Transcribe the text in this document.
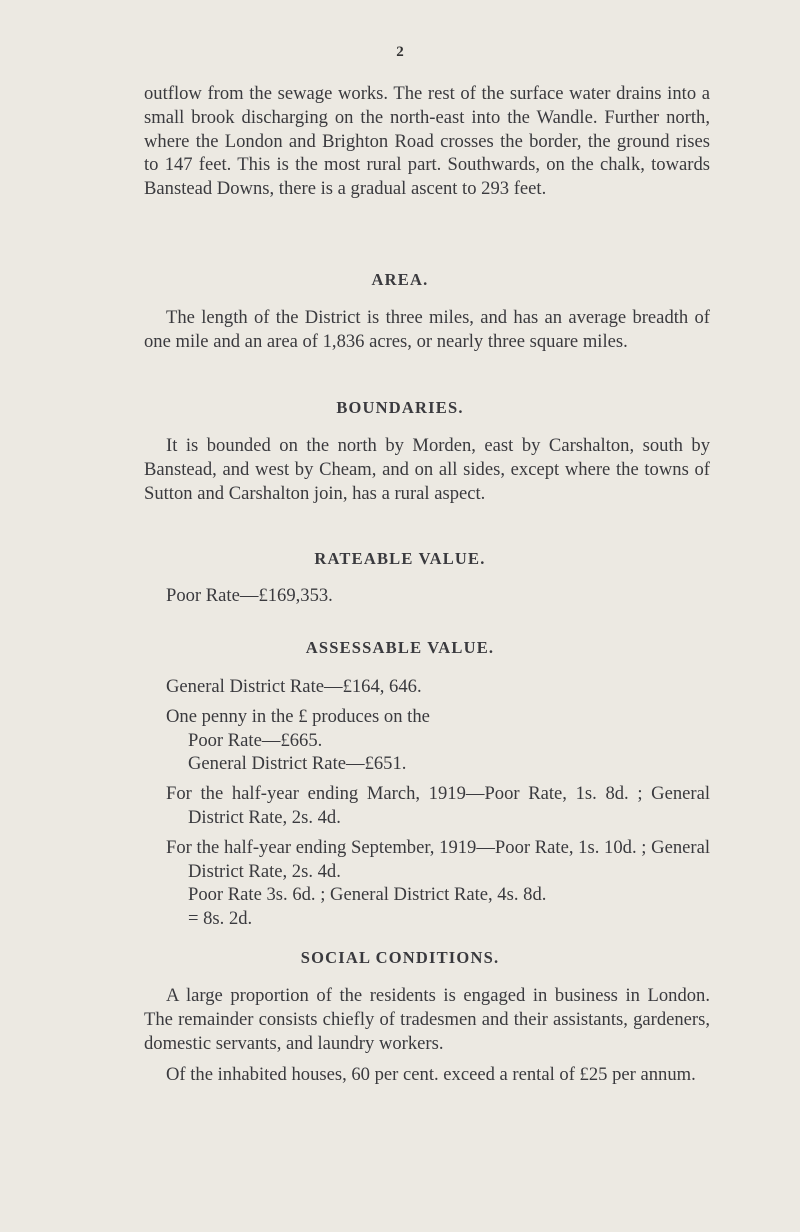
2

outflow from the sewage works. The rest of the surface water drains into a small brook discharging on the north-east into the Wandle. Further north, where the London and Brighton Road crosses the border, the ground rises to 147 feet. This is the most rural part. Southwards, on the chalk, towards Banstead Downs, there is a gradual ascent to 293 feet.

AREA.

The length of the District is three miles, and has an average breadth of one mile and an area of 1,836 acres, or nearly three square miles.

BOUNDARIES.

It is bounded on the north by Morden, east by Carshalton, south by Banstead, and west by Cheam, and on all sides, except where the towns of Sutton and Carshalton join, has a rural aspect.

RATEABLE VALUE.

Poor Rate—£169,353.

ASSESSABLE VALUE.

General District Rate—£164, 646.

One penny in the £ produces on the

Poor Rate—£665.

General District Rate—£651.

For the half-year ending March, 1919—Poor Rate, 1s. 8d. ; General District Rate, 2s. 4d.

For the half-year ending September, 1919—Poor Rate, 1s. 10d. ; General District Rate, 2s. 4d.

Poor Rate 3s. 6d. ; General District Rate, 4s. 8d.

= 8s. 2d.

SOCIAL CONDITIONS.

A large proportion of the residents is engaged in business in London. The remainder consists chiefly of tradesmen and their assistants, gardeners, domestic servants, and laundry workers.

Of the inhabited houses, 60 per cent. exceed a rental of £25 per annum.
